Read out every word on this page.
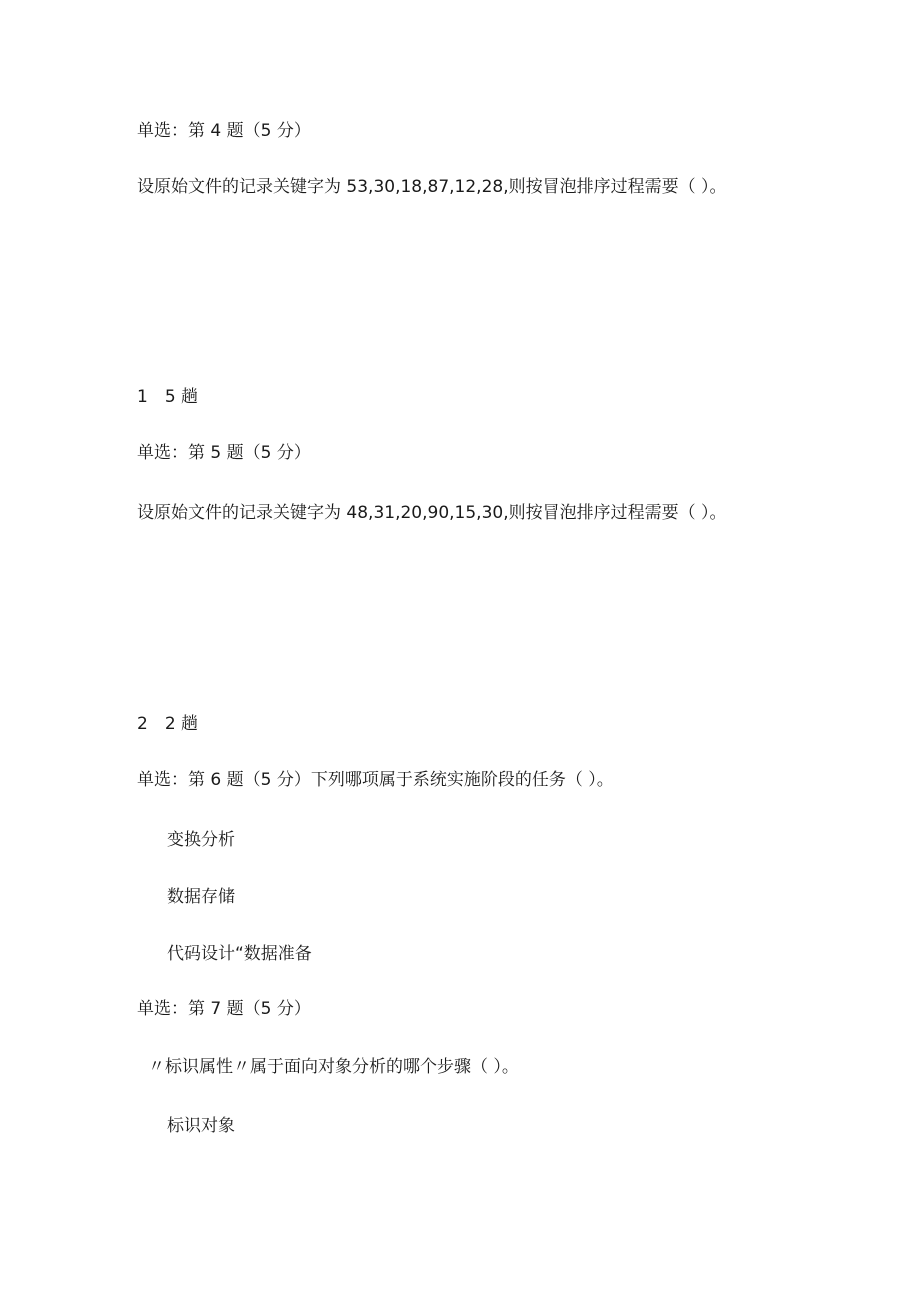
单选：第 4 题（5 分）
设原始文件的记录关键字为 53,30,18,87,12,28,则按冒泡排序过程需要（ ）。
1　5 趟
单选：第 5 题（5 分）
设原始文件的记录关键字为 48,31,20,90,15,30,则按冒泡排序过程需要（ ）。
2　2 趟
单选：第 6 题（5 分）下列哪项属于系统实施阶段的任务（ ）。
变换分析
数据存储
代码设计“数据准备
单选：第 7 题（5 分）
〃标识属性〃属于面向对象分析的哪个步骤（ ）。
标识对象
